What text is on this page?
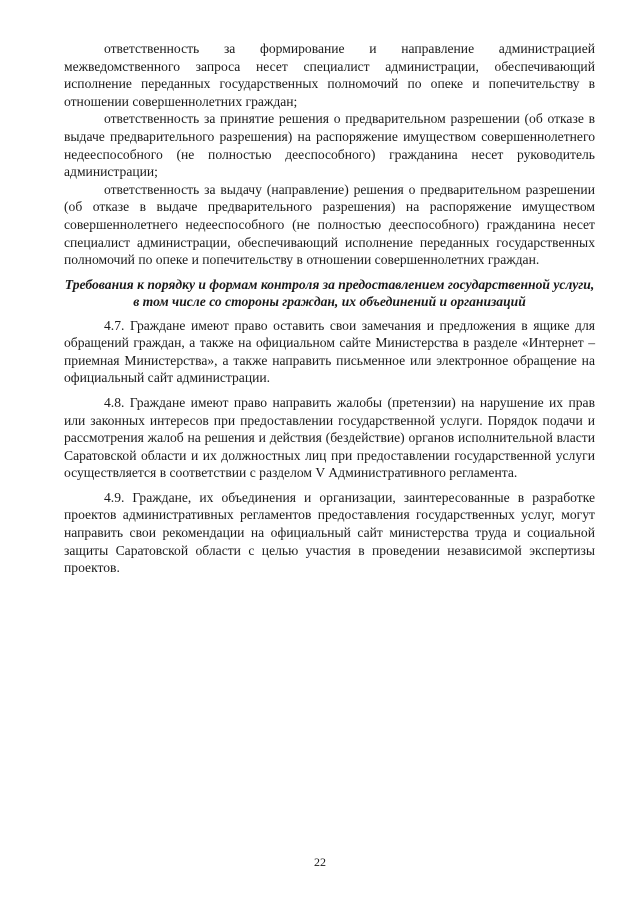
ответственность за формирование и направление администрацией межведомственного запроса несет специалист администрации, обеспечивающий исполнение переданных государственных полномочий по опеке и попечительству в отношении совершеннолетних граждан;

ответственность за принятие решения о предварительном разрешении (об отказе в выдаче предварительного разрешения) на распоряжение имуществом совершеннолетнего недееспособного (не полностью дееспособного) гражданина несет руководитель администрации;

ответственность за выдачу (направление) решения о предварительном разрешении (об отказе в выдаче предварительного разрешения) на распоряжение имуществом совершеннолетнего недееспособного (не полностью дееспособного) гражданина несет специалист администрации, обеспечивающий исполнение переданных государственных полномочий по опеке и попечительству в отношении совершеннолетних граждан.

Требования к порядку и формам контроля за предоставлением государственной услуги, в том числе со стороны граждан, их объединений и организаций

4.7. Граждане имеют право оставить свои замечания и предложения в ящике для обращений граждан, а также на официальном сайте Министерства в разделе «Интернет – приемная Министерства», а также направить письменное или электронное обращение на официальный сайт администрации.

4.8. Граждане имеют право направить жалобы (претензии) на нарушение их прав или законных интересов при предоставлении государственной услуги. Порядок подачи и рассмотрения жалоб на решения и действия (бездействие) органов исполнительной власти Саратовской области и их должностных лиц при предоставлении государственной услуги осуществляется в соответствии с разделом V Административного регламента.

4.9. Граждане, их объединения и организации, заинтересованные в разработке проектов административных регламентов предоставления государственных услуг, могут направить свои рекомендации на официальный сайт министерства труда и социальной защиты Саратовской области с целью участия в проведении независимой экспертизы проектов.

22
